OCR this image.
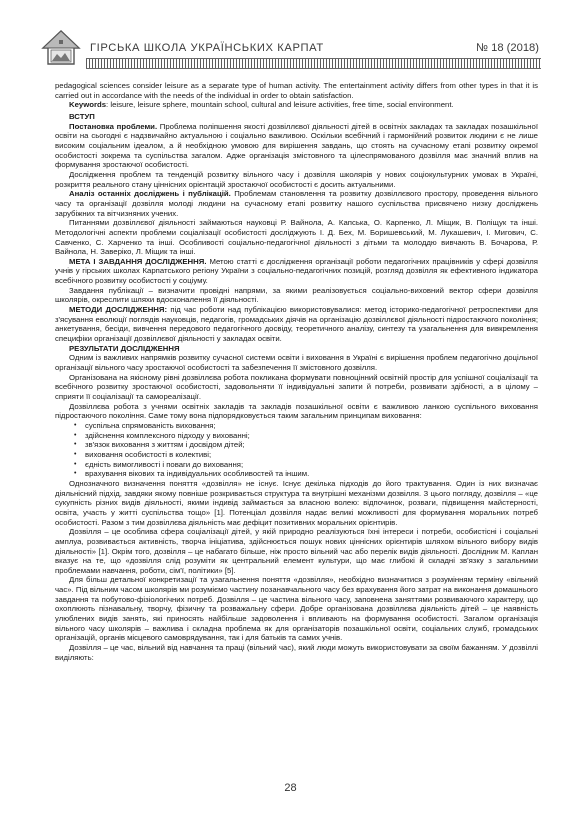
ГІРСЬКА ШКОЛА УКРАЇНСЬКИХ КАРПАТ	№ 18 (2018)

pedagogical sciences consider leisure as a separate type of human activity. The entertainment activity differs from other types in that it is carried out in accordance with the needs of the individual in order to obtain satisfaction.

Keywords: leisure, leisure sphere, mountain school, cultural and leisure activities, free time, social environment.

ВСТУП

Постановка проблеми. Проблема поліпшення якості дозвіллєвої діяльності дітей в освітніх закладах та закладах позашкільної освіти на сьогодні є надзвичайно актуальною і соціально важливою. Оскільки всебічний і гармонійний розвиток людини є не лише високим соціальним ідеалом, а й необхідною умовою для вирішення завдань, що стоять на сучасному етапі розвитку окремої особистості зокрема та суспільства загалом. Адже організація змістовного та цілеспрямованого дозвілля має значний вплив на формування зростаючої особистості.

Дослідження проблем та тенденцій розвитку вільного часу і дозвілля школярів у нових соціокультурних умовах в Україні, розкриття реального стану ціннісних орієнтацій зростаючої особистості є досить актуальними.

Аналіз останніх досліджень і публікацій. Проблемам становлення та розвитку дозвіллєвого простору, проведення вільного часу та організації дозвілля молоді людини на сучасному етапі розвитку нашого суспільства присвячено низку досліджень зарубіжних та вітчизняних учених.

Питаннями дозвіллєвої діяльності займаються науковці Р. Вайнола, А. Капська, О. Карпенко, Л. Міщик, В. Поліщук та інші. Методологічні аспекти проблеми соціалізації особистості досліджують І. Д. Бех, М. Боришевський, М. Лукашевич, І. Мигович, С. Савченко, С. Харченко та інші. Особливості соціально-педагогічної діяльності з дітьми та молоддю вивчають В. Бочарова, Р. Вайнола, Н. Заверіко, Л. Міщик та інші.

МЕТА І ЗАВДАННЯ ДОСЛІДЖЕННЯ. Метою статті є дослідження організації роботи педагогічних працівників у сфері дозвілля учнів у гірських школах Карпатського регіону України з соціально-педагогічних позицій, розгляд дозвілля як ефективного індикатора всебічного розвитку особистості у соціуму.

Завдання публікації – визначити провідні напрями, за якими реалізовується соціально-виховний вектор сфери дозвілля школярів, окреслити шляхи вдосконалення її діяльності.

МЕТОДИ ДОСЛІДЖЕННЯ: під час роботи над публікацією використовувалися: метод історико-педагогічної ретроспективи для з'ясування еволюції поглядів науковців, педагогів, громадських діячів на організацію дозвіллєвої діяльності підростаючого покоління; анкетування, бесіди, вивчення передового педагогічного досвіду, теоретичного аналізу, синтезу та узагальнення для вивкремлення специфіки організації дозвіллєвої діяльності у закладах освіти.

РЕЗУЛЬТАТИ ДОСЛІДЖЕННЯ

Одним із важливих напрямків розвитку сучасної системи освіти і виховання в Україні є вирішення проблем педагогічно доцільної організації вільного часу зростаючої особистості та забезпечення її змістовного дозвілля.

Організована на якісному рівні дозвіллєва робота покликана формувати повноцінний освітній простір для успішної соціалізації та всебічного розвитку зростаючої особистості, задовольняти її індивідуальні запити й потреби, розвивати здібності, а в цілому – сприяти її соціалізації та самореалізації.

Дозвіллєва робота з учнями освітніх закладів та закладів позашкільної освіти є важливою ланкою суспільного виховання підростаючого покоління. Саме тому вона підпорядковується таким загальним принципам виховання:

• суспільна спрямованість виховання;
• здійснення комплексного підходу у вихованні;
• зв'язок виховання з життям і досвідом дітей;
• виховання особистості в колективі;
• єдність вимогливості і поваги до виховання;
• врахування вікових та індивідуальних особливостей та іншим.

Однозначного визначення поняття «дозвілля» не існує. Існує декілька підходів до його трактування. Один із них визначає діяльнісний підхід, завдяки якому повніше розкривається структура та внутрішні механізми дозвілля. З цього погляду, дозвілля – «це сукупність різних видів діяльності, якими індивід займається за власною волею: відпочинок, розваги, підвищення майстерності, освіта, участь у житті суспільства тощо» [1]. Потенціал дозвілля надає великі можливості для формування моральних потреб особистості. Разом з тим дозвіллєва діяльність має дефіцит позитивних моральних орієнтирів.

Дозвілля – це особлива сфера соціалізації дітей, у якій природно реалізуються їхні інтереси і потреби, особистісні і соціальні амплуа, розвивається активність, творча ініціатива, здійснюється пошук нових ціннісних орієнтирів шляхом вільного вибору видів діяльності» [1]. Окрім того, дозвілля – це набагато більше, ніж просто вільний час або перелік видів діяльності. Дослідник М. Каплан вказує на те, що «дозвілля слід розуміти як центральний елемент культури, що має глибокі й складні зв'язку з загальними проблемами навчання, роботи, сім'ї, політики» [5].

Для більш детальної конкретизації та узагальнення поняття «дозвілля», необхідно визначитися з розумінням терміну «вільний час». Під вільним часом школярів ми розуміємо частину позанавчального часу без врахування його затрат на виконання домашнього завдання та побутово-фізіологічних потреб. Дозвілля – це частина вільного часу, заповнена заняттями розвиваючого характеру, що охоплюють пізнавальну, творчу, фізичну та розважальну сфери. Добре організована дозвіллєва діяльність дітей – це наявність улюблених видів занять, які приносять найбільше задоволення і впливають на формування особистості. Загалом організація вільного часу школярів – важлива і складна проблема як для організаторів позашкільної освіти, соціальних служб, громадських організацій, органів місцевого самоврядування, так і для батьків та самих учнів.

Дозвілля – це час, вільний від навчання та праці (вільний час), який люди можуть використовувати за своїм бажанням. У дозвіллі виділяють:

28
